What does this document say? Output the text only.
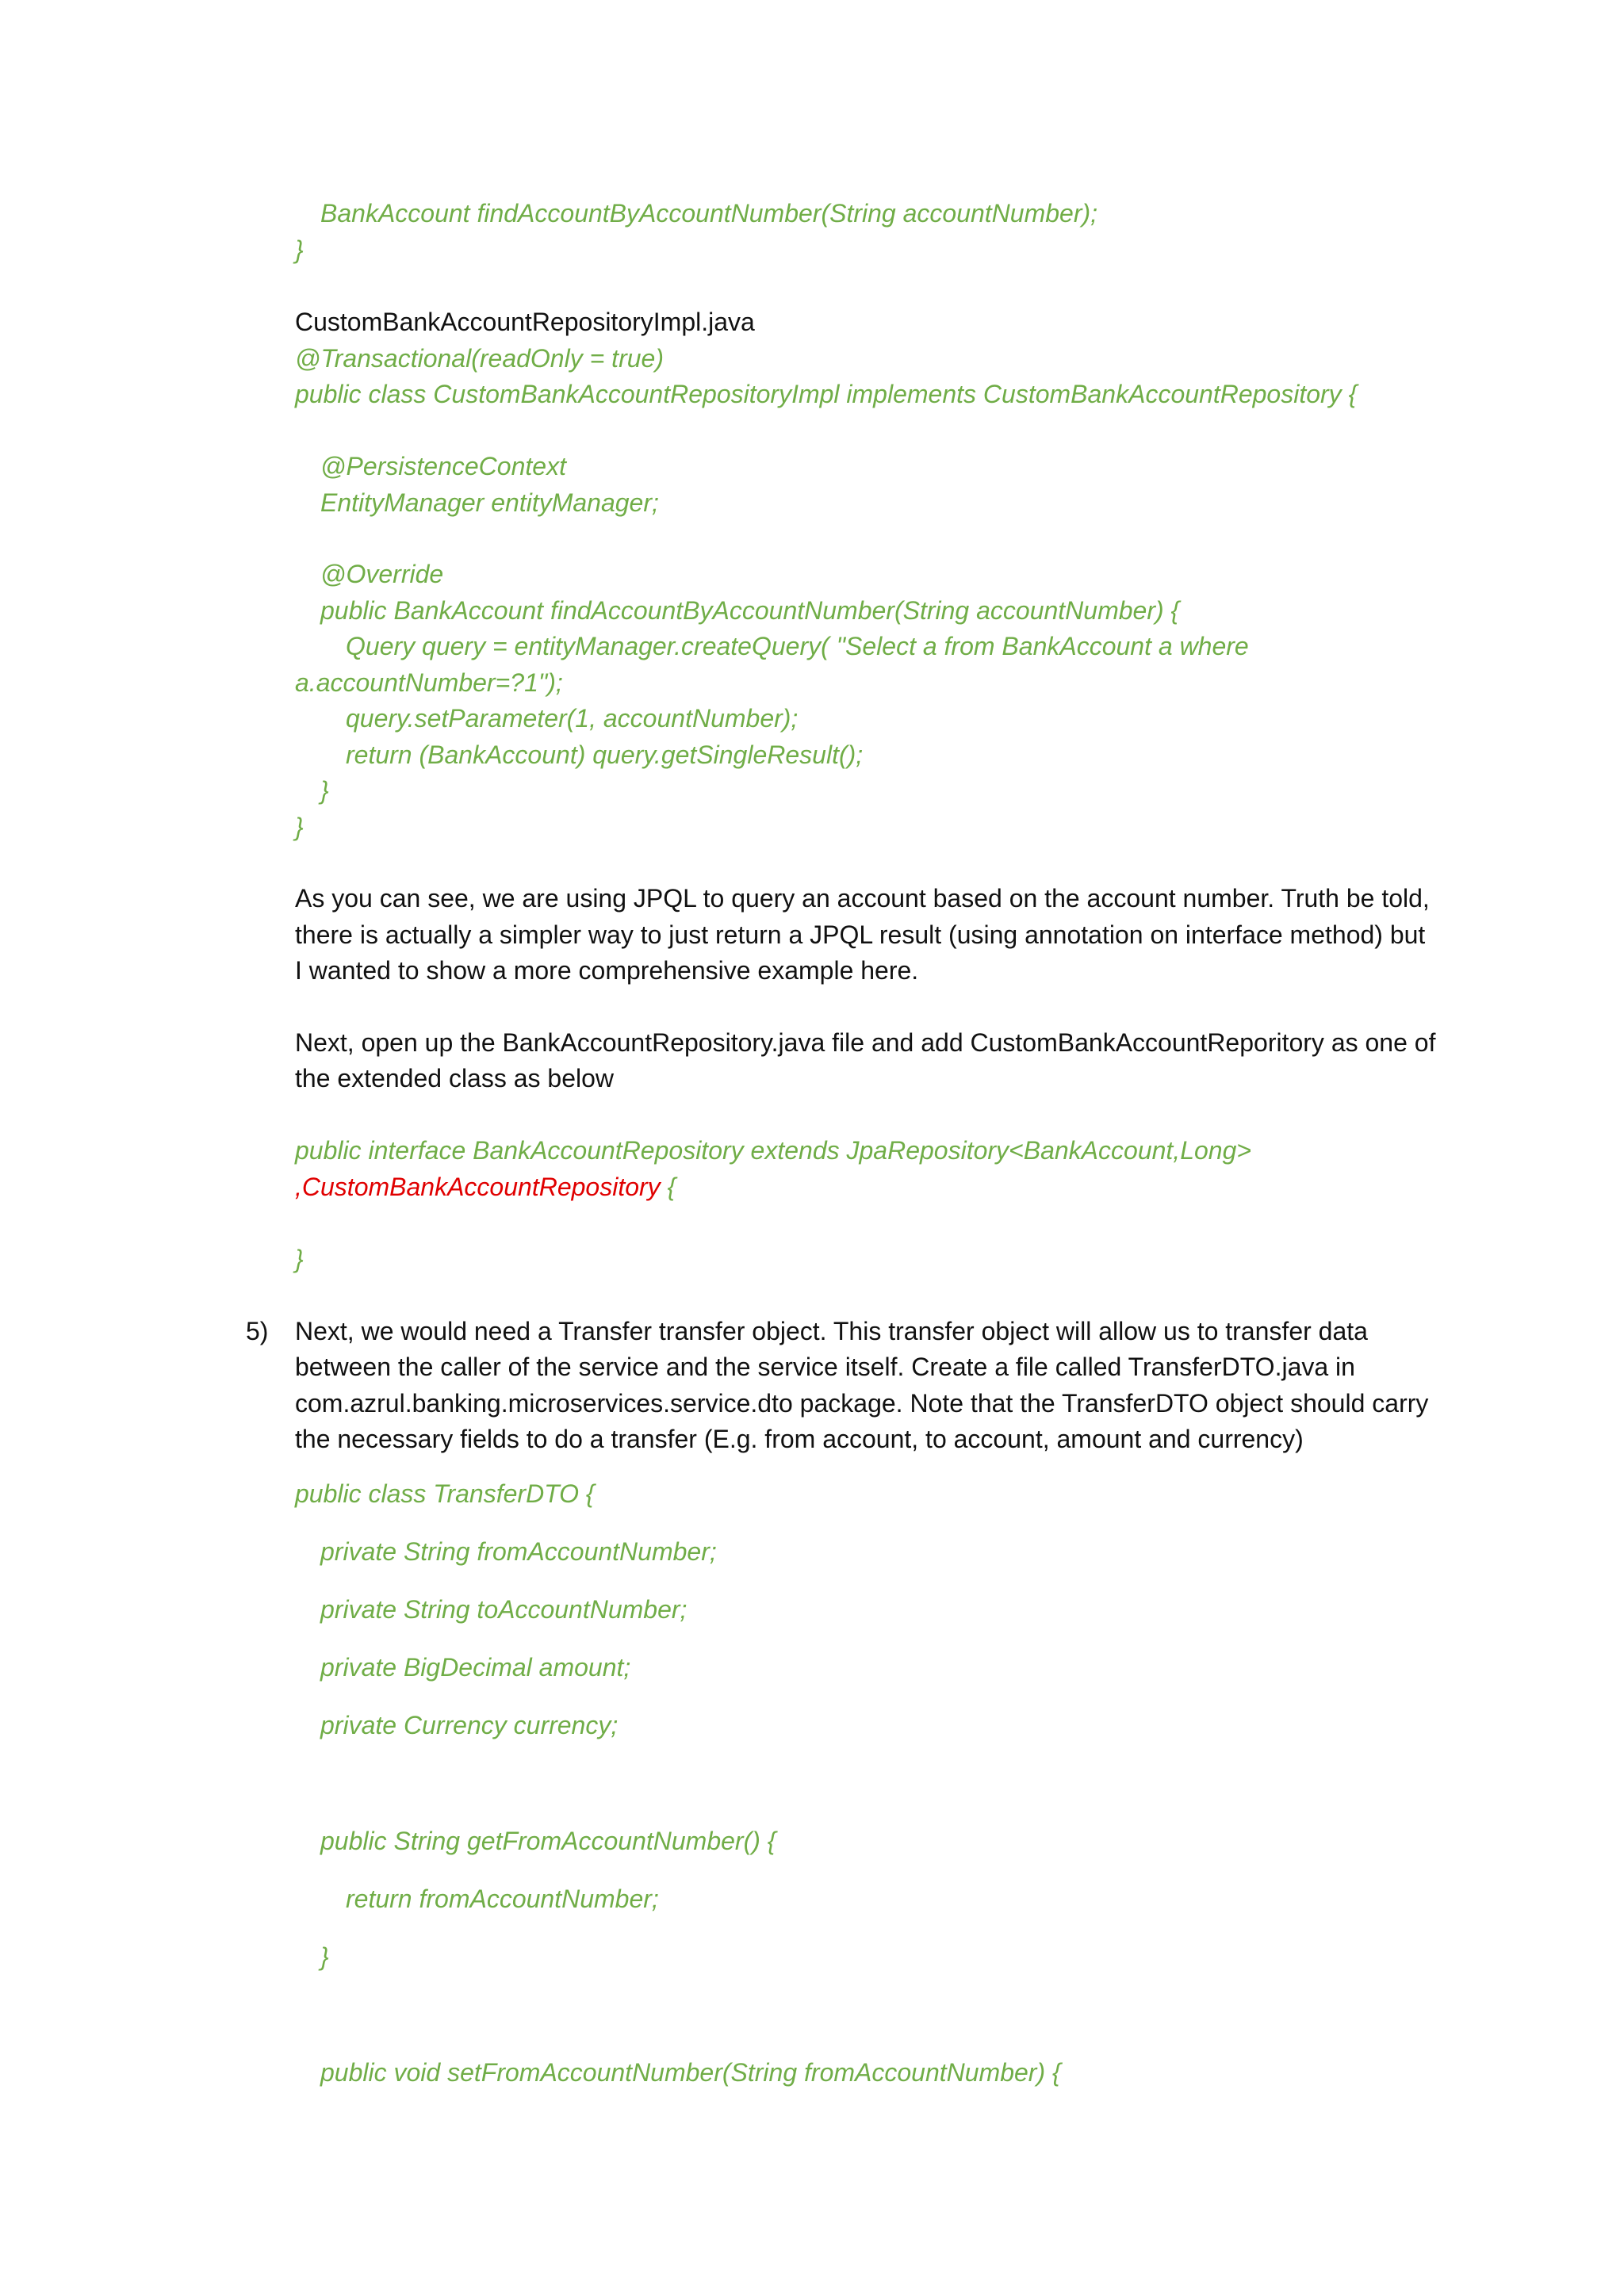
BankAccount findAccountByAccountNumber(String accountNumber);

}

CustomBankAccountRepositoryImpl.java

@Transactional(readOnly = true)

public class CustomBankAccountRepositoryImpl implements CustomBankAccountRepository {

@PersistenceContext

EntityManager entityManager;

@Override

public BankAccount findAccountByAccountNumber(String accountNumber) {

Query query = entityManager.createQuery( "Select a from BankAccount a where

a.accountNumber=?1");

query.setParameter(1, accountNumber);

return (BankAccount) query.getSingleResult();

}

}

As you can see, we are using JPQL to query an account based on the account number. Truth be told,

there is actually a simpler way to just return a JPQL result (using annotation on interface method) but

I wanted to show a more comprehensive example here.

Next, open up the BankAccountRepository.java file and add CustomBankAccountReporitory as one of

the extended class as below

public interface BankAccountRepository extends JpaRepository<BankAccount,Long>

,CustomBankAccountRepository {

}

5) Next, we would need a Transfer transfer object. This transfer object will allow us to transfer data

between the caller of the service and the service itself. Create a file called TransferDTO.java in

com.azrul.banking.microservices.service.dto package. Note that the TransferDTO object should carry

the necessary fields to do a transfer (E.g. from account, to account, amount and currency)

public class TransferDTO {

private String fromAccountNumber;

private String toAccountNumber;

private BigDecimal amount;

private Currency currency;

public String getFromAccountNumber() {

return fromAccountNumber;

}

public void setFromAccountNumber(String fromAccountNumber) {
